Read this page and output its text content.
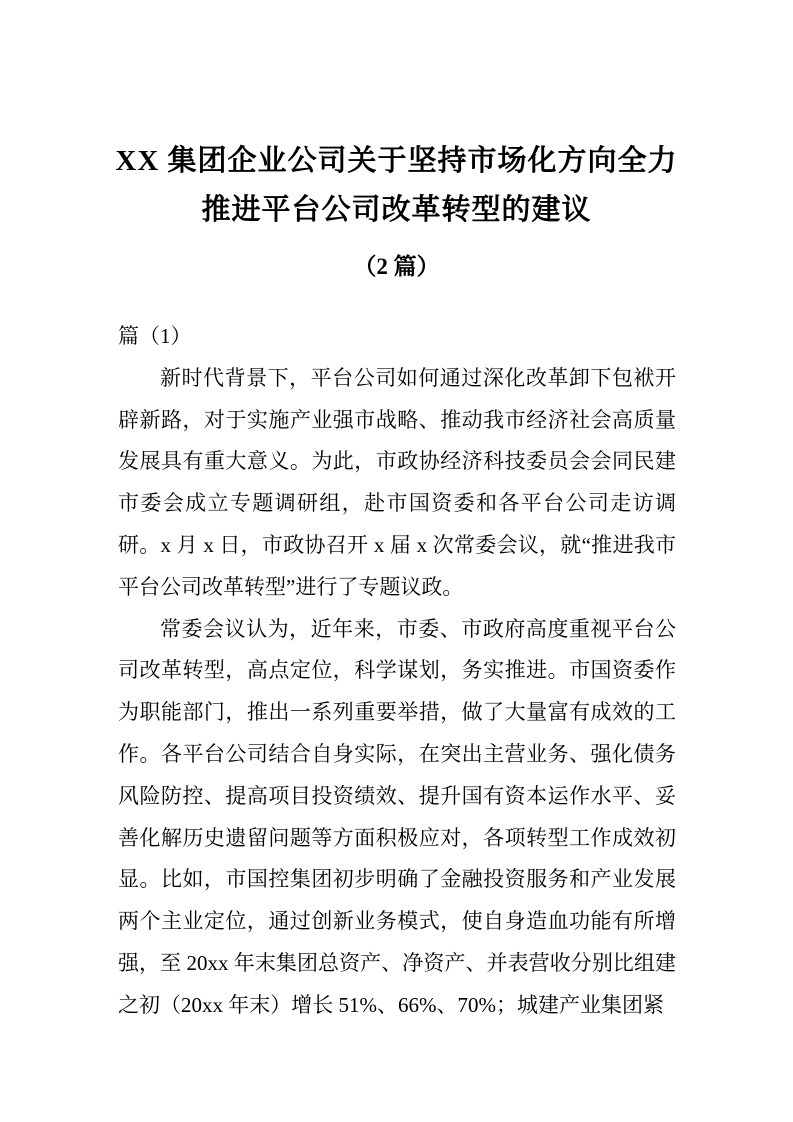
XX 集团企业公司关于坚持市场化方向全力
推进平台公司改革转型的建议
（2 篇）
篇（1）

新时代背景下，平台公司如何通过深化改革卸下包袱开辟新路，对于实施产业强市战略、推动我市经济社会高质量发展具有重大意义。为此，市政协经济科技委员会会同民建市委会成立专题调研组，赴市国资委和各平台公司走访调研。x 月 x 日，市政协召开 x 届 x 次常委会议，就“推进我市平台公司改革转型”进行了专题议政。

常委会议认为，近年来，市委、市政府高度重视平台公司改革转型，高点定位，科学谋划，务实推进。市国资委作为职能部门，推出一系列重要举措，做了大量富有成效的工作。各平台公司结合自身实际，在突出主营业务、强化债务风险防控、提高项目投资绩效、提升国有资本运作水平、妥善化解历史遗留问题等方面积极应对，各项转型工作成效初显。比如，市国控集团初步明确了金融投资服务和产业发展两个主业定位，通过创新业务模式，使自身造血功能有所增强，至 20xx 年末集团总资产、净资产、并表营收分别比组建之初（20xx 年末）增长 51%、66%、70%；城建产业集团紧
